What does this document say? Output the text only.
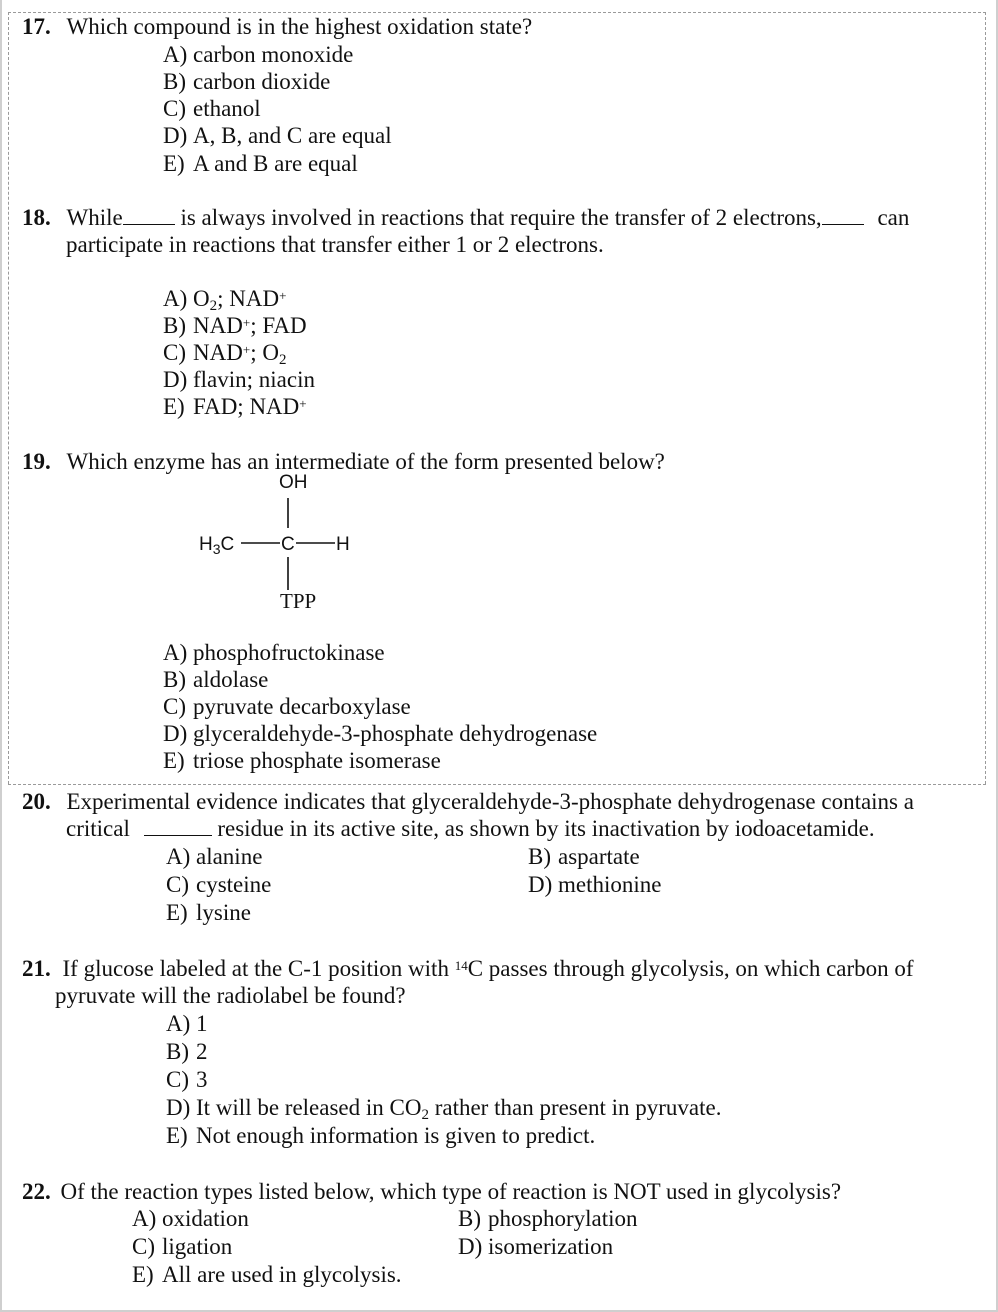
17. Which compound is in the highest oxidation state?
A) carbon monoxide
B) carbon dioxide
C) ethanol
D) A, B, and C are equal
E) A and B are equal
18. While	is always involved in reactions that require the transfer of 2 electrons, can
participate in reactions that transfer either 1 or 2 electrons.
A) $O_2$; NAD+
B) NAD+; FAD
C) NAD+; $O_2$
D) flavin; niacin
E) FAD; NAD+
19. Which enzyme has an intermediate of the form presented below?
OH
$H_3C$ C H
TPP
A) phosphofructokinase
B) aldolase
C) pyruvate decarboxylase
D) glyceraldehyde-3-phosphate dehydrogenase
E) triose phosphate isomerase
20. Experimental evidence indicates that glyceraldehyde-3-phosphate dehydrogenase contains a
critical	residue in its active site, as shown by its inactivation by iodoacetamide.
A) alanine	B) aspartate
C) cysteine	D) methionine
E) lysine
21. If glucose labeled at the C-1 position with $^{14}$C passes through glycolysis, on which carbon of
pyruvate will the radiolabel be found?
A) 1
B) 2
C) 3
D) It will be released in $CO_2$ rather than present in pyruvate.
E) Not enough information is given to predict.
22. Of the reaction types listed below, which type of reaction is NOT used in glycolysis?
A) oxidation	B) phosphorylation
C) ligation	D) isomerization
E) All are used in glycolysis.
